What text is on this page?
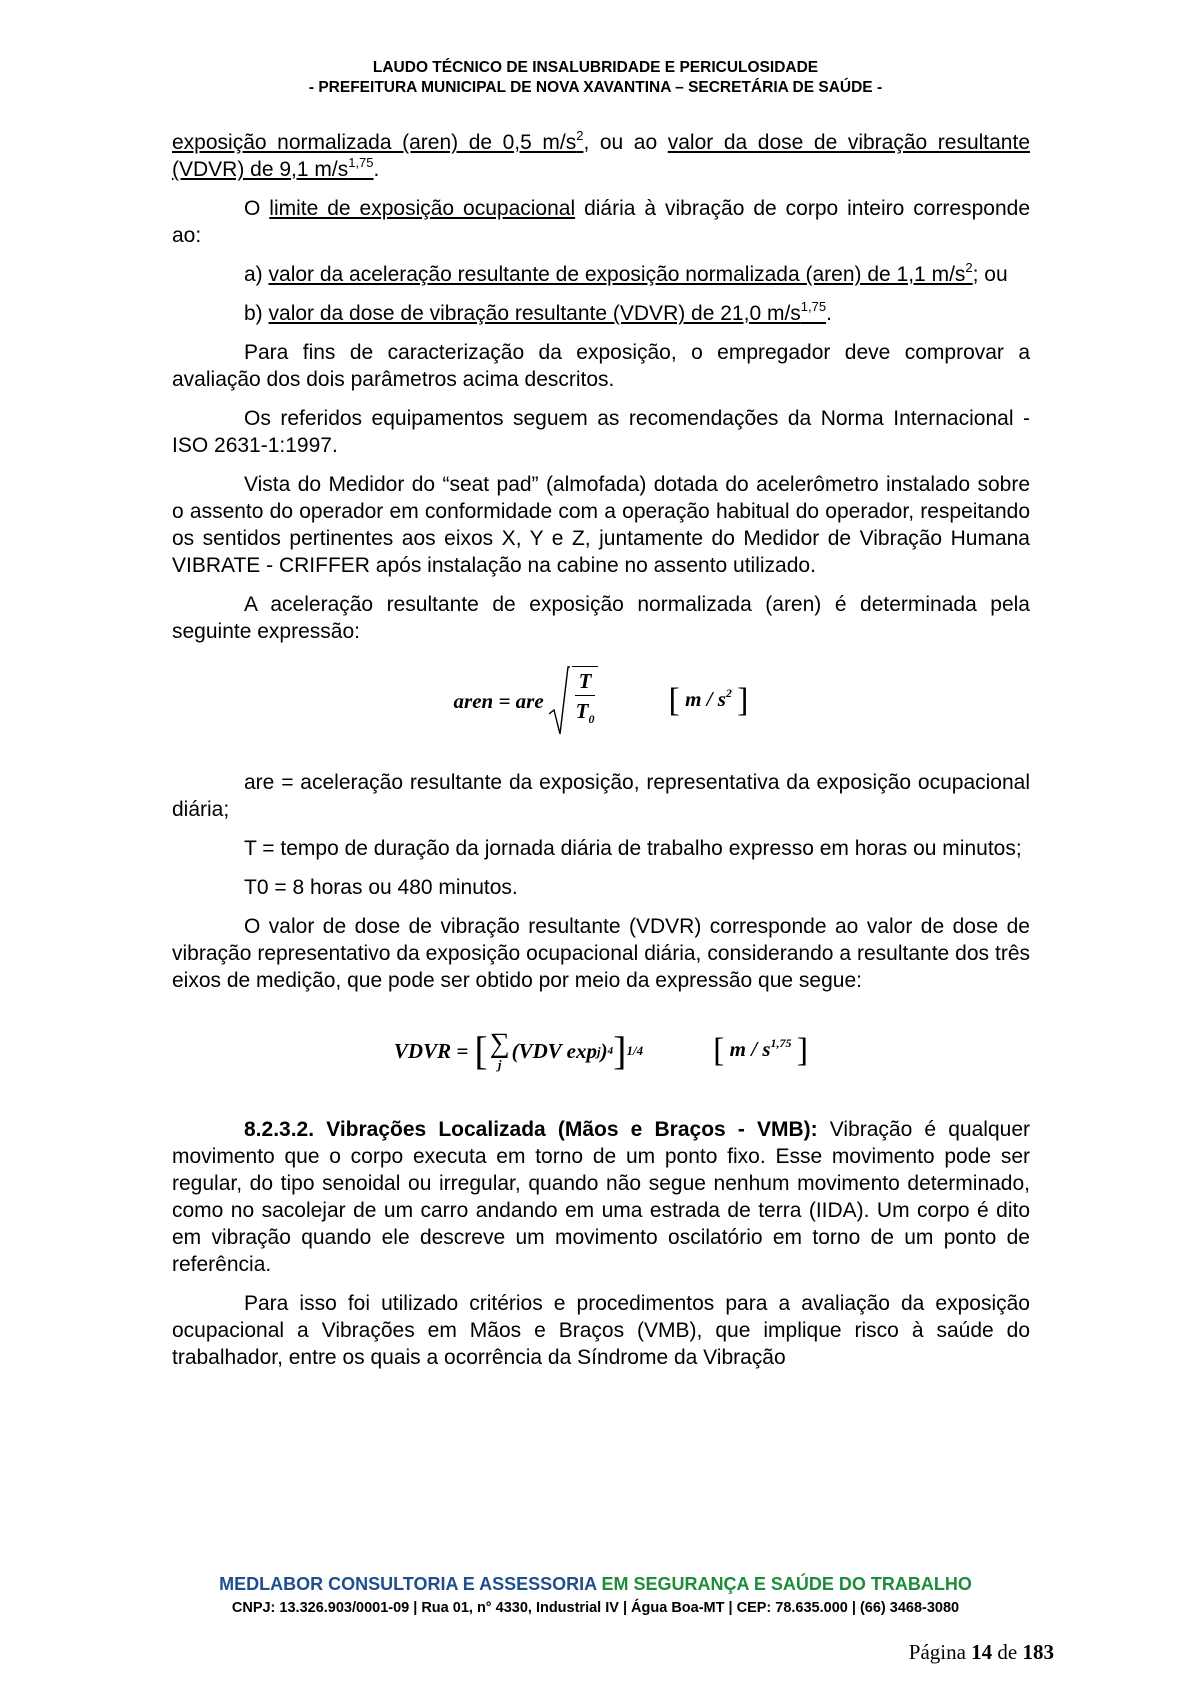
LAUDO TÉCNICO DE INSALUBRIDADE E PERICULOSIDADE
- PREFEITURA MUNICIPAL DE NOVA XAVANTINA – SECRETÁRIA DE SAÚDE -

exposição normalizada (aren) de 0,5 $m/s^2$, ou ao valor da dose de vibração resultante (VDVR) de 9,1 $m/s^{1,75}$.

O limite de exposição ocupacional diária à vibração de corpo inteiro corresponde ao:

a) valor da aceleração resultante de exposição normalizada (aren) de 1,1 $m/s^2$; ou

b) valor da dose de vibração resultante (VDVR) de 21,0 $m/s^{1,75}$.

Para fins de caracterização da exposição, o empregador deve comprovar a avaliação dos dois parâmetros acima descritos.

Os referidos equipamentos seguem as recomendações da Norma Internacional - ISO 2631-1:1997.

Vista do Medidor do “seat pad” (almofada) dotada do acelerômetro instalado sobre o assento do operador em conformidade com a operação habitual do operador, respeitando os sentidos pertinentes aos eixos X, Y e Z, juntamente do Medidor de Vibração Humana VIBRATE - CRIFFER após instalação na cabine no assento utilizado.

A aceleração resultante de exposição normalizada (aren) é determinada pela seguinte expressão:

aren = are $\frac{T}{T_0}$ [ m / $s^2$ ]

are = aceleração resultante da exposição, representativa da exposição ocupacional diária;

T = tempo de duração da jornada diária de trabalho expresso em horas ou minutos;

T0 = 8 horas ou 480 minutos.

O valor de dose de vibração resultante (VDVR) corresponde ao valor de dose de vibração representativo da exposição ocupacional diária, considerando a resultante dos três eixos de medição, que pode ser obtido por meio da expressão que segue:

VDVR = [ ∑
j
(VDV exp j ) 4 ] 1/4 [ m / $s^{1,75}$ ]

8.2.3.2. Vibrações Localizada (Mãos e Braços - VMB): Vibração é qualquer movimento que o corpo executa em torno de um ponto fixo. Esse movimento pode ser regular, do tipo senoidal ou irregular, quando não segue nenhum movimento determinado, como no sacolejar de um carro andando em uma estrada de terra (IIDA). Um corpo é dito em vibração quando ele descreve um movimento oscilatório em torno de um ponto de referência.

Para isso foi utilizado critérios e procedimentos para a avaliação da exposição ocupacional a Vibrações em Mãos e Braços (VMB), que implique risco à saúde do trabalhador, entre os quais a ocorrência da Síndrome da Vibração

MEDLABOR CONSULTORIA E ASSESSORIA EM SEGURANÇA E SAÚDE DO TRABALHO
CNPJ: 13.326.903/0001-09 | Rua 01, n° 4330, Industrial IV | Água Boa-MT | CEP: 78.635.000 | (66) 3468-3080
Página 14 de 183
